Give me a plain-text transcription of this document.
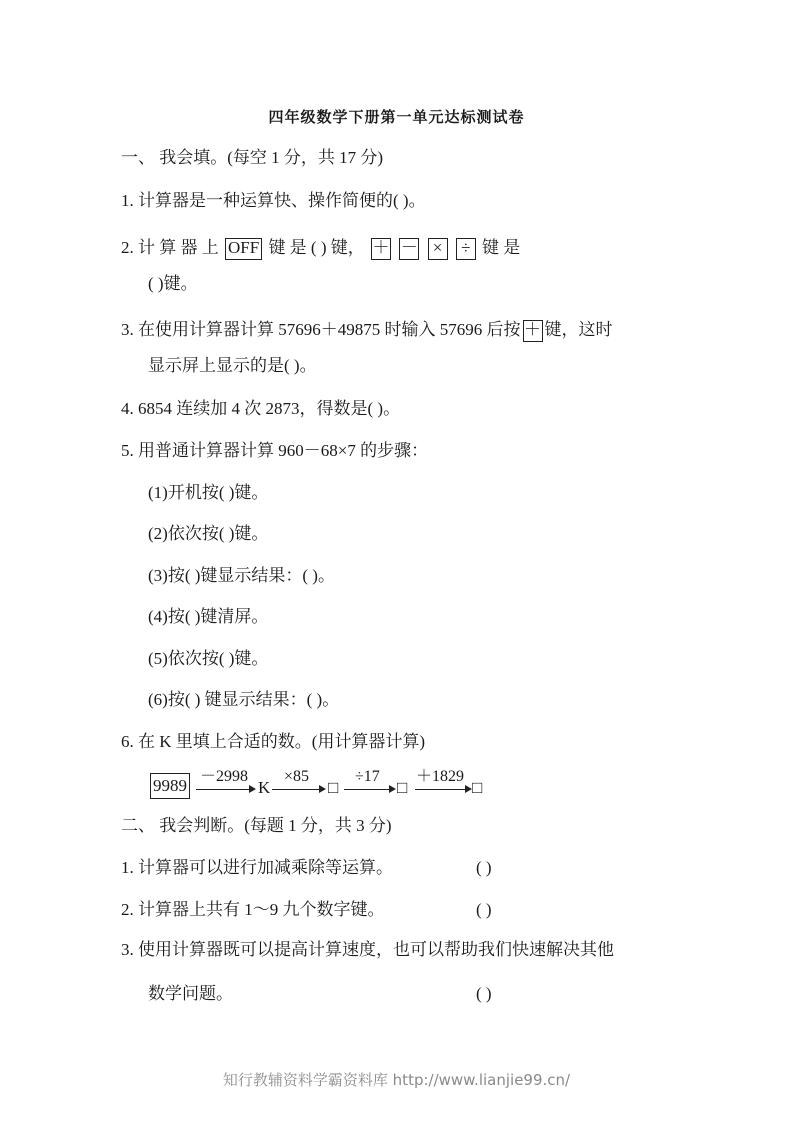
四年级数学下册第一单元达标测试卷
一、 我会填。(每空 1 分，共 17 分)
1. 计算器是一种运算快、操作简便的( )。
2. 计 算 器 上 OFF 键 是 ( ) 键， ＋ － × ÷ 键 是
( )键。
3. 在使用计算器计算 57696＋49875 时输入 57696 后按 ＋ 键，这时
显示屏上显示的是( )。
4. 6854 连续加 4 次 2873，得数是( )。
5. 用普通计算器计算 960－68×7 的步骤：
(1)开机按( )键。
(2)依次按( )键。
(3)按( )键显示结果：( )。
(4)按( )键清屏。
(5)依次按( )键。
(6)按( ) 键显示结果：( )。
6. 在 K 里填上合适的数。(用计算器计算)
9989 －2998
K
×85
□
÷17
□
＋1829
□
二、 我会判断。(每题 1 分，共 3 分)
1. 计算器可以进行加减乘除等运算。	( )
2. 计算器上共有 1～9 九个数字键。	( )
3. 使用计算器既可以提高计算速度，也可以帮助我们快速解决其他
数学问题。	( )
知行教辅资料学霸资料库 http://www.lianjie99.cn/
